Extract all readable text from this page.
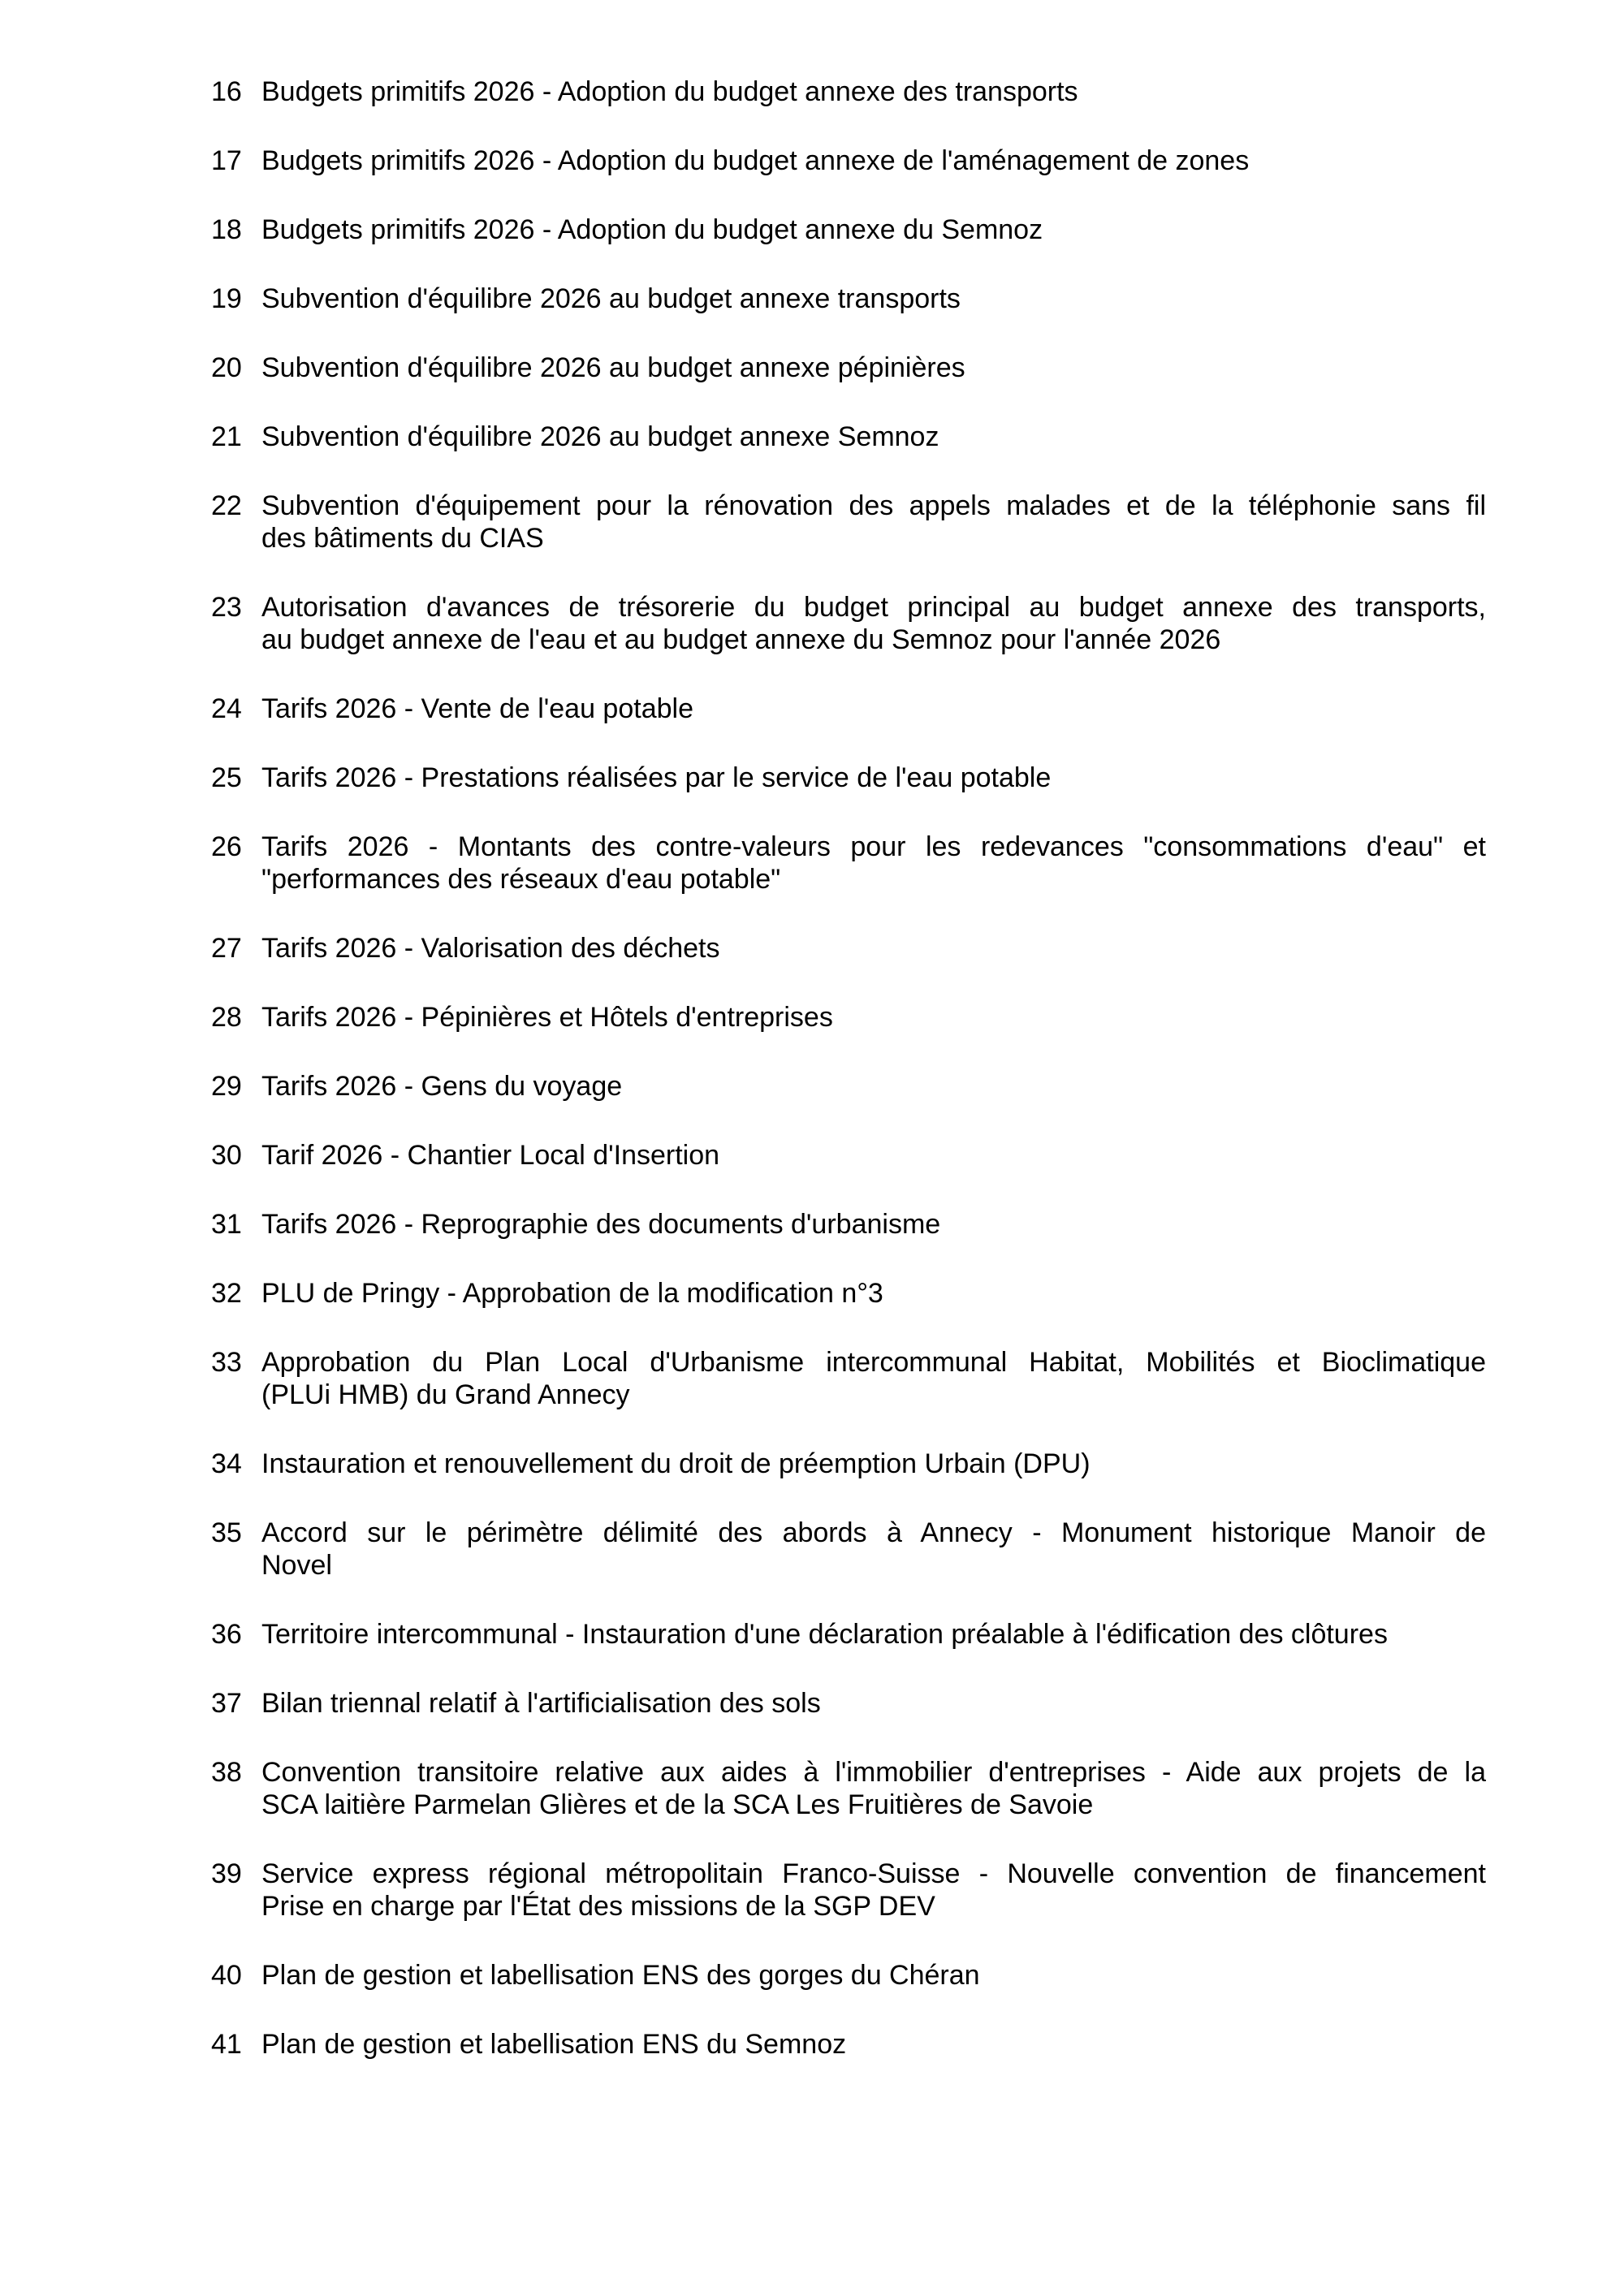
16 Budgets primitifs 2026 - Adoption du budget annexe des transports
17 Budgets primitifs 2026 - Adoption du budget annexe de l'aménagement de zones
18 Budgets primitifs 2026 - Adoption du budget annexe du Semnoz
19 Subvention d'équilibre 2026 au budget annexe transports
20 Subvention d'équilibre 2026 au budget annexe pépinières
21 Subvention d'équilibre 2026 au budget annexe Semnoz
22 Subvention d'équipement pour la rénovation des appels malades et de la téléphonie sans fil
des bâtiments du CIAS
23 Autorisation d'avances de trésorerie du budget principal au budget annexe des transports,
au budget annexe de l'eau et au budget annexe du Semnoz pour l'année 2026
24 Tarifs 2026 - Vente de l'eau potable
25 Tarifs 2026 - Prestations réalisées par le service de l'eau potable
26 Tarifs 2026 - Montants des contre-valeurs pour les redevances "consommations d'eau" et
"performances des réseaux d'eau potable"
27 Tarifs 2026 - Valorisation des déchets
28 Tarifs 2026 - Pépinières et Hôtels d'entreprises
29 Tarifs 2026 - Gens du voyage
30 Tarif 2026 - Chantier Local d'Insertion
31 Tarifs 2026 - Reprographie des documents d'urbanisme
32 PLU de Pringy - Approbation de la modification n°3
33 Approbation du Plan Local d'Urbanisme intercommunal Habitat, Mobilités et Bioclimatique
(PLUi HMB) du Grand Annecy
34 Instauration et renouvellement du droit de préemption Urbain (DPU)
35 Accord sur le périmètre délimité des abords à Annecy - Monument historique Manoir de
Novel
36 Territoire intercommunal - Instauration d'une déclaration préalable à l'édification des clôtures
37 Bilan triennal relatif à l'artificialisation des sols
38 Convention transitoire relative aux aides à l'immobilier d'entreprises - Aide aux projets de la
SCA laitière Parmelan Glières et de la SCA Les Fruitières de Savoie
39 Service express régional métropolitain Franco-Suisse - Nouvelle convention de financement
Prise en charge par l'État des missions de la SGP DEV
40 Plan de gestion et labellisation ENS des gorges du Chéran
41 Plan de gestion et labellisation ENS du Semnoz
